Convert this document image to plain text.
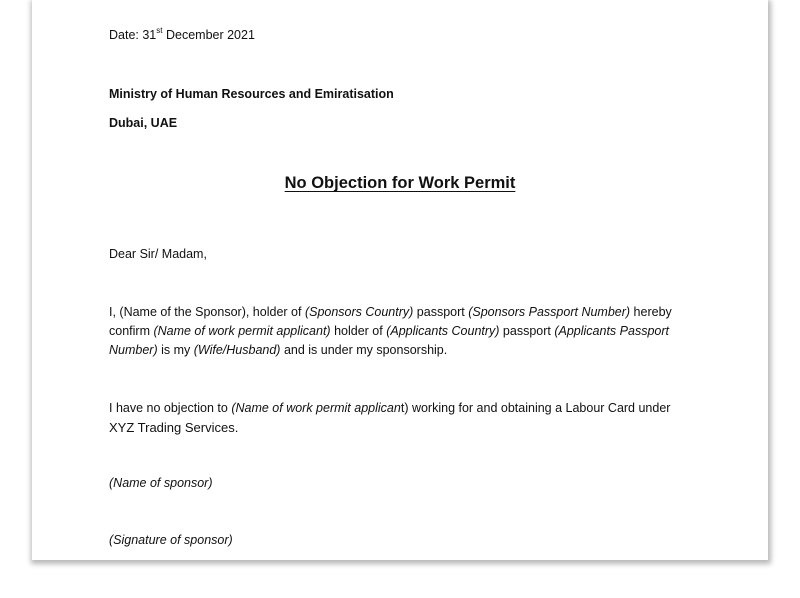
Date: 31st December 2021
Ministry of Human Resources and Emiratisation
Dubai, UAE
No Objection for Work Permit
Dear Sir/ Madam,
I, (Name of the Sponsor), holder of (Sponsors Country) passport (Sponsors Passport Number) hereby confirm (Name of work permit applicant) holder of (Applicants Country) passport (Applicants Passport Number) is my (Wife/Husband) and is under my sponsorship.
I have no objection to (Name of work permit applicant) working for and obtaining a Labour Card under XYZ Trading Services.
(Name of sponsor)
(Signature of sponsor)
